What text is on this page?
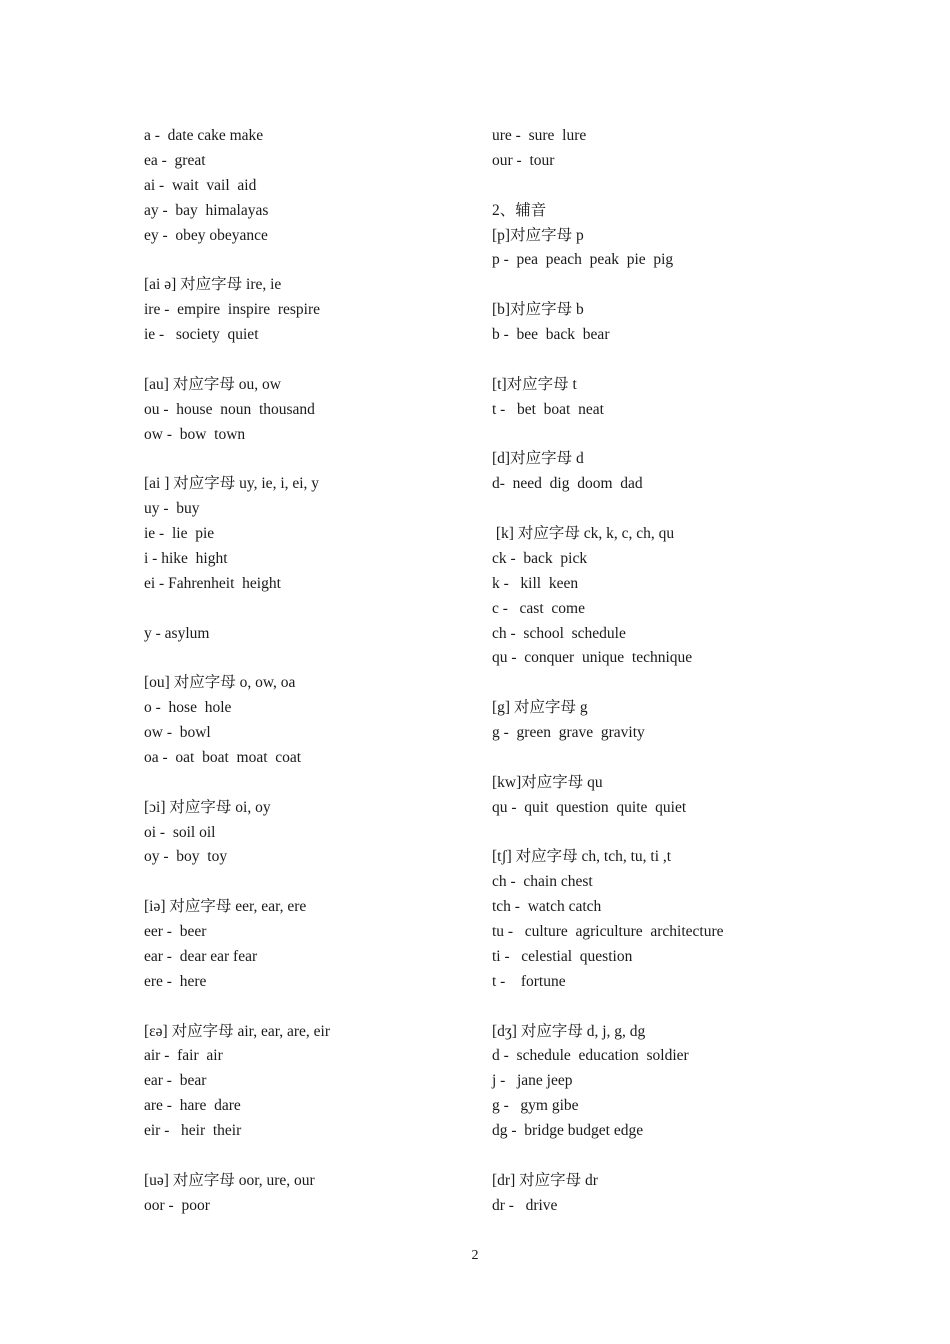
a -  date cake make
ea -  great
ai -  wait  vail  aid
ay -  bay  himalayas
ey -  obey obeyance
[ai ə] 对应字母 ire, ie
ire -  empire  inspire  respire
ie -   society  quiet
[au] 对应字母 ou, ow
ou -  house  noun  thousand
ow -  bow  town
[ai ] 对应字母 uy, ie, i, ei, y
uy -  buy
ie -  lie  pie
i - hike  hight
ei - Fahrenheit  height
y - asylum
[ou] 对应字母 o, ow, oa
o -  hose  hole
ow -  bowl
oa -  oat  boat  moat  coat
[ɔi] 对应字母 oi, oy
oi -  soil oil
oy -  boy  toy
[iə] 对应字母 eer, ear, ere
eer -  beer
ear -  dear ear fear
ere -  here
[ɛə] 对应字母 air, ear, are, eir
air -  fair  air
ear -  bear
are -  hare  dare
eir -   heir  their
[uə] 对应字母 oor, ure, our
oor -  poor
ure -  sure  lure
our -  tour
2、辅音
[p]对应字母 p
p -  pea  peach  peak  pie  pig
[b]对应字母 b
b -  bee  back  bear
[t]对应字母 t
t -   bet  boat  neat
[d]对应字母 d
d-  need  dig  doom  dad
[k] 对应字母 ck, k, c, ch, qu
ck -  back  pick
k -   kill  keen
c -   cast  come
ch -  school  schedule
qu -  conquer  unique  technique
[g] 对应字母 g
g -  green  grave  gravity
[kw]对应字母 qu
qu -  quit  question  quite  quiet
[tʃ] 对应字母 ch, tch, tu, ti ,t
ch -  chain chest
tch -  watch catch
tu -   culture  agriculture  architecture
ti -   celestial  question
t -    fortune
[dʒ] 对应字母 d, j, g, dg
d -  schedule  education  soldier
j -   jane jeep
g -   gym gibe
dg -  bridge budget edge
[dr] 对应字母 dr
dr -   drive
2
